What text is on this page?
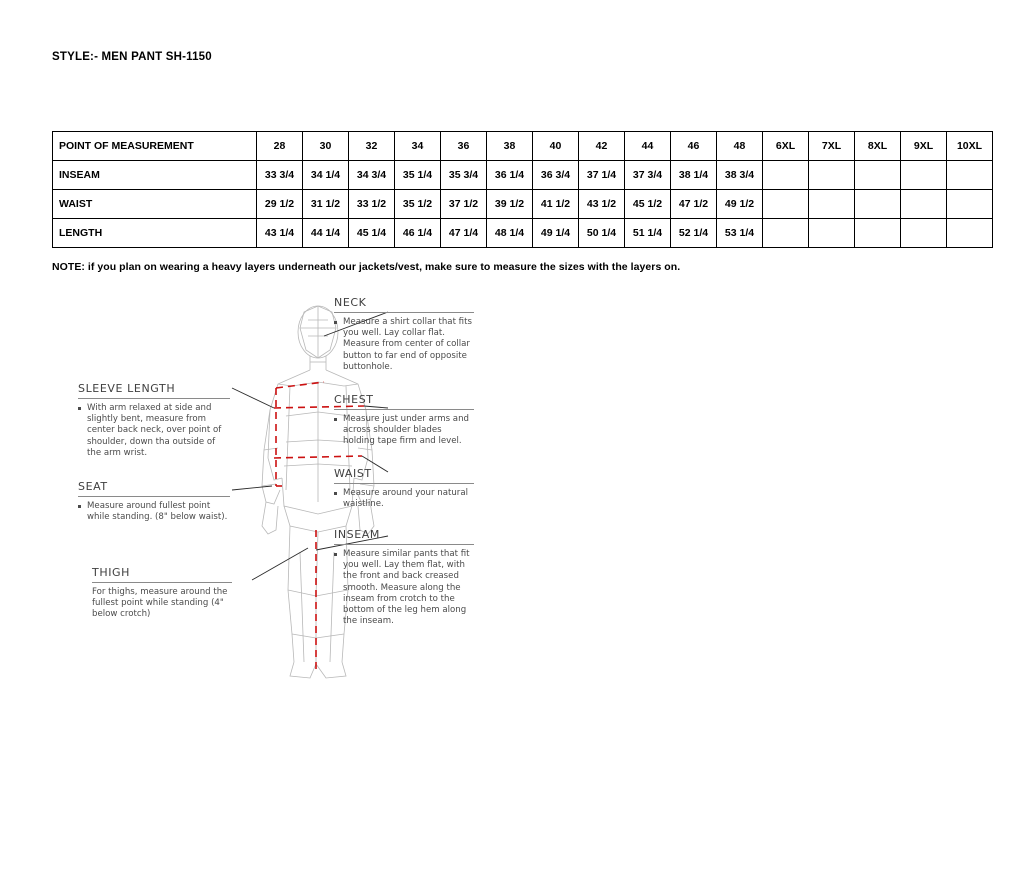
STYLE:- MEN PANT SH-1150
POINT OF MEASUREMENT	28	30	32	34	36	38	40	42	44	46	48	6XL	7XL	8XL	9XL	10XL
INSEAM	33 3/4	34 1/4	34 3/4	35 1/4	35 3/4	36 1/4	36 3/4	37 1/4	37 3/4	38 1/4	38 3/4					
WAIST	29 1/2	31 1/2	33 1/2	35 1/2	37 1/2	39 1/2	41 1/2	43 1/2	45 1/2	47 1/2	49 1/2					
LENGTH	43 1/4	44 1/4	45 1/4	46 1/4	47 1/4	48 1/4	49 1/4	50 1/4	51 1/4	52 1/4	53 1/4					
NOTE: if you plan on wearing a heavy layers underneath our jackets/vest, make sure to measure the sizes with the layers on.
NECK
Measure a shirt collar that fits you well. Lay collar flat. Measure from center of collar button to far end of opposite buttonhole.
CHEST
Measure just under arms and across shoulder blades holding tape firm and level.
WAIST
Measure around your natural waistline.
INSEAM
Measure similar pants that fit you well. Lay them flat, with the front and back creased smooth. Measure along the inseam from crotch to the bottom of the leg hem along the inseam.
SLEEVE LENGTH
With arm relaxed at side and slightly bent, measure from center back neck, over point of shoulder, down tha outside of the arm wrist.
SEAT
Measure around fullest point while standing. (8" below waist).
THIGH
For thighs, measure around the fullest point while standing (4" below crotch)
